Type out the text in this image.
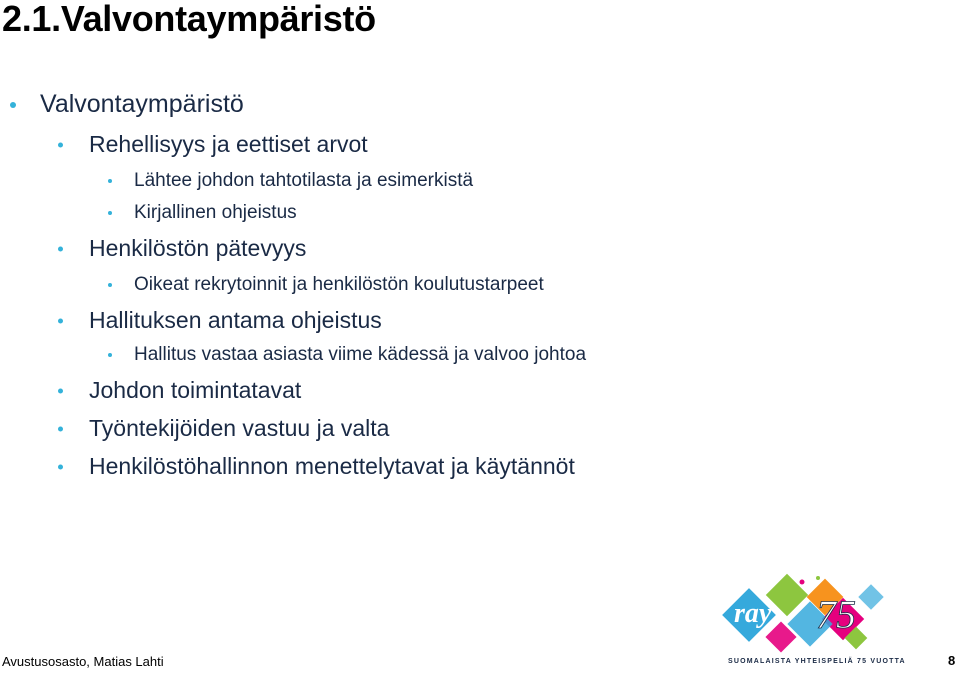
2.1.Valvontaympäristö
Valvontaympäristö
Rehellisyys ja eettiset arvot
Lähtee johdon tahtotilasta ja esimerkistä
Kirjallinen ohjeistus
Henkilöstön pätevyys
Oikeat rekrytoinnit ja henkilöstön koulutustarpeet
Hallituksen antama ohjeistus
Hallitus vastaa asiasta viime kädessä ja valvoo johtoa
Johdon toimintatavat
Työntekijöiden vastuu ja valta
Henkilöstöhallinnon menettelytavat ja käytännöt
ray 75
SUOMALAISTA YHTEISPELIÄ 75 VUOTTA
Avustusosasto, Matias Lahti	8
